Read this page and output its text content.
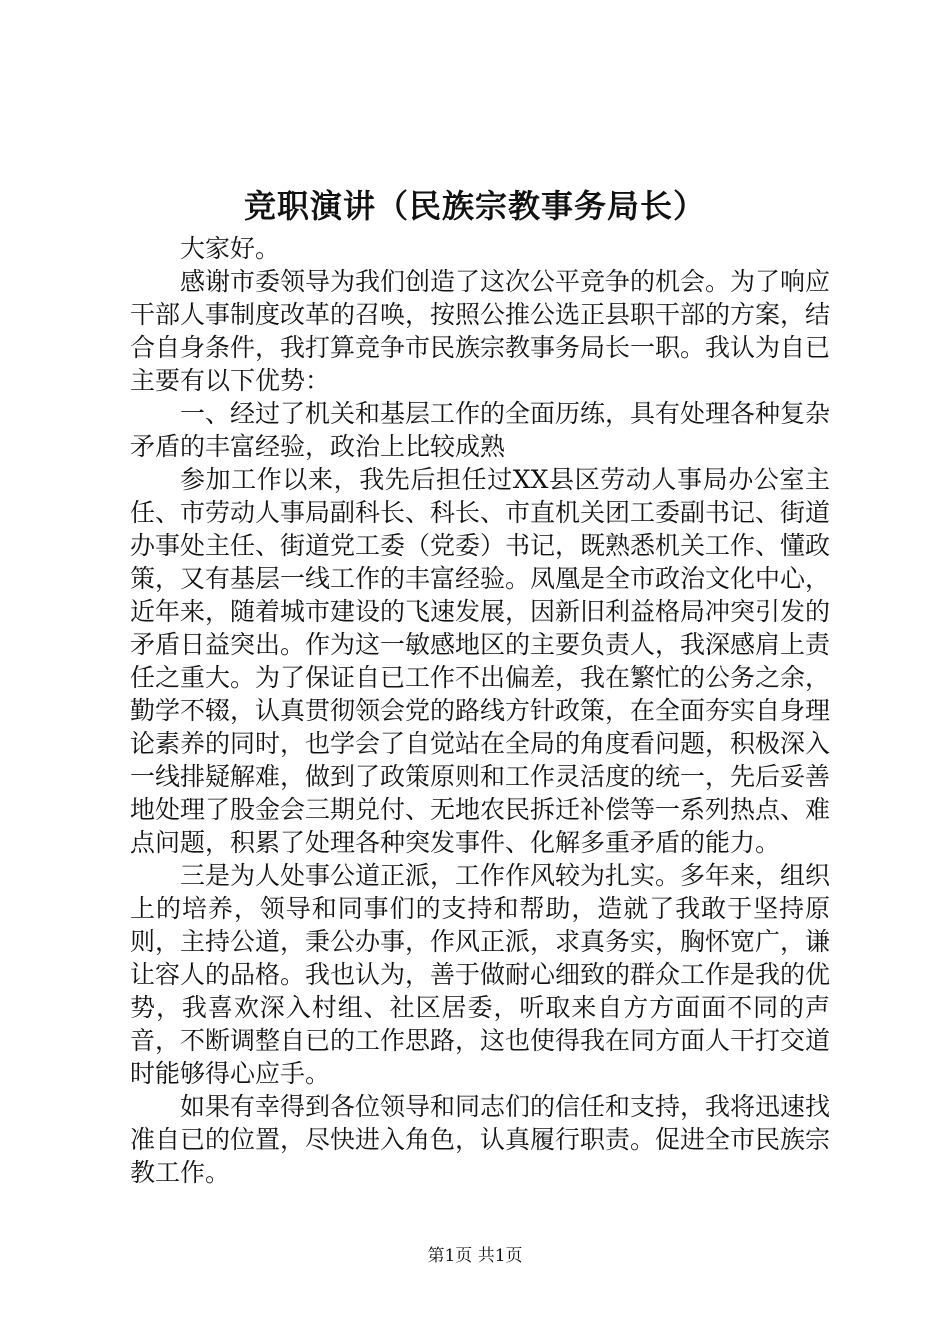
竞职演讲（民族宗教事务局长）

大家好。

感谢市委领导为我们创造了这次公平竞争的机会。为了响应干部人事制度改革的召唤，按照公推公选正县职干部的方案，结合自身条件，我打算竞争市民族宗教事务局长一职。我认为自已主要有以下优势：

一、经过了机关和基层工作的全面历练，具有处理各种复杂矛盾的丰富经验，政治上比较成熟

参加工作以来，我先后担任过XX县区劳动人事局办公室主任、市劳动人事局副科长、科长、市直机关团工委副书记、街道办事处主任、街道党工委（党委）书记，既熟悉机关工作、懂政策，又有基层一线工作的丰富经验。凤凰是全市政治文化中心，近年来，随着城市建设的飞速发展，因新旧利益格局冲突引发的矛盾日益突出。作为这一敏感地区的主要负责人，我深感肩上责任之重大。为了保证自已工作不出偏差，我在繁忙的公务之余，勤学不辍，认真贯彻领会党的路线方针政策，在全面夯实自身理论素养的同时，也学会了自觉站在全局的角度看问题，积极深入一线排疑解难，做到了政策原则和工作灵活度的统一，先后妥善地处理了股金会三期兑付、无地农民拆迁补偿等一系列热点、难点问题，积累了处理各种突发事件、化解多重矛盾的能力。

三是为人处事公道正派，工作作风较为扎实。多年来，组织上的培养，领导和同事们的支持和帮助，造就了我敢于坚持原则，主持公道，秉公办事，作风正派，求真务实，胸怀宽广，谦让容人的品格。我也认为，善于做耐心细致的群众工作是我的优势，我喜欢深入村组、社区居委，听取来自方方面面不同的声音，不断调整自已的工作思路，这也使得我在同方面人干打交道时能够得心应手。

如果有幸得到各位领导和同志们的信任和支持，我将迅速找准自已的位置，尽快进入角色，认真履行职责。促进全市民族宗教工作。

第1页 共1页
